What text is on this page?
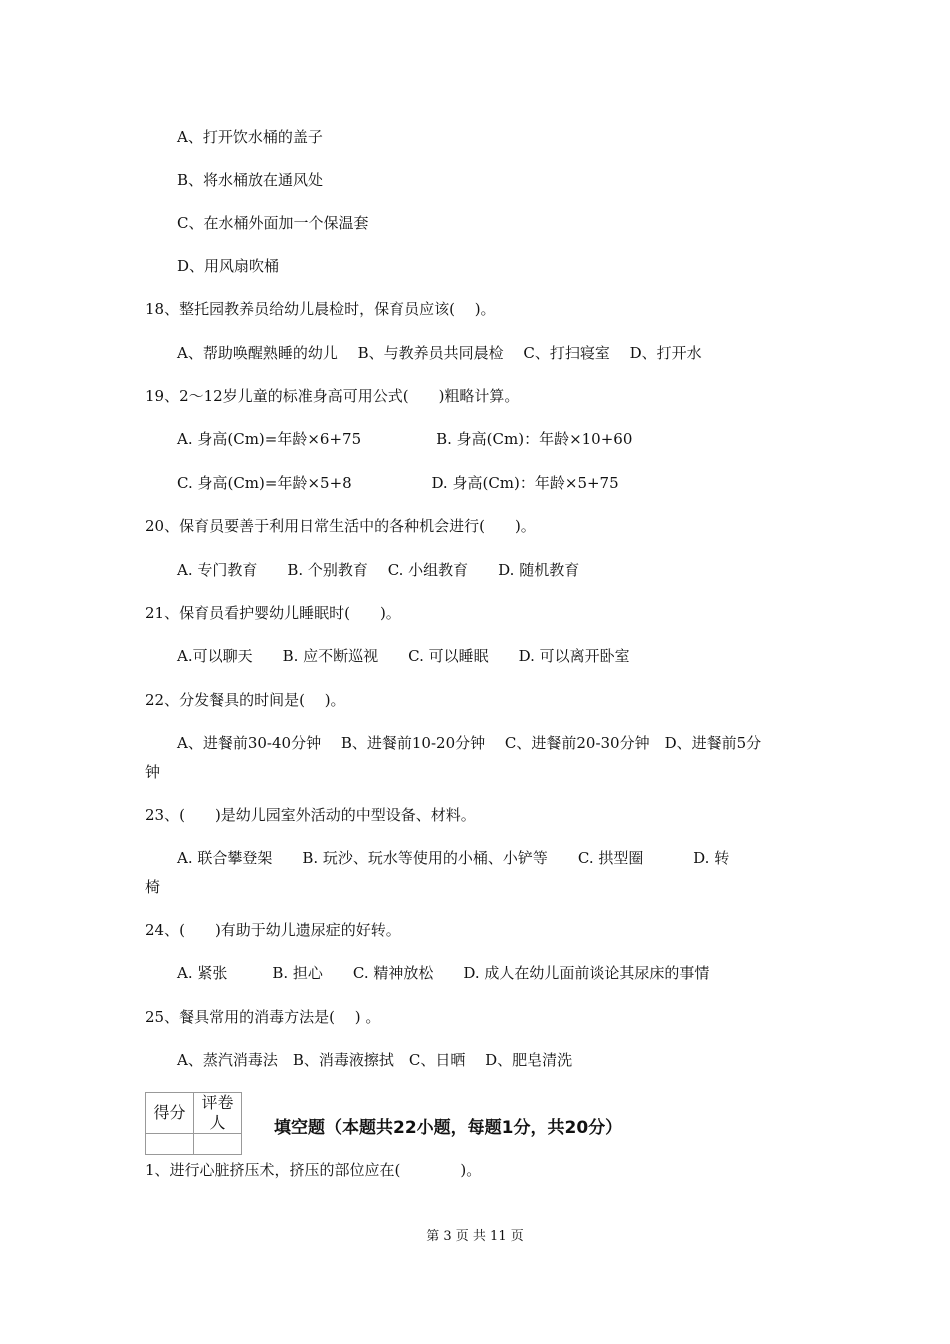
A、打开饮水桶的盖子
B、将水桶放在通风处
C、在水桶外面加一个保温套
D、用风扇吹桶
18、整托园教养员给幼儿晨检时，保育员应该(　 )。
A、帮助唤醒熟睡的幼儿　 B、与教养员共同晨检　 C、打扫寝室　 D、打开水
19、2～12岁儿童的标准身高可用公式(　　)粗略计算。
A. 身高(Cm)=年龄×6+75　　　　　B. 身高(Cm)：年龄×10+60
C. 身高(Cm)=年龄×5+8　　　　　 D. 身高(Cm)：年龄×5+75
20、保育员要善于利用日常生活中的各种机会进行(　　)。
A. 专门教育　　B. 个别教育　 C. 小组教育　　D. 随机教育
21、保育员看护婴幼儿睡眠时(　　)。
A.可以聊天　　B. 应不断巡视　　C. 可以睡眠　　D. 可以离开卧室
22、分发餐具的时间是(　 )。
A、进餐前30-40分钟　 B、进餐前10-20分钟　 C、进餐前20-30分钟　D、进餐前5分
钟
23、(　　)是幼儿园室外活动的中型设备、材料。
A. 联合攀登架　　B. 玩沙、玩水等使用的小桶、小铲等　　C. 拱型圈　　　 D. 转
椅
24、(　　)有助于幼儿遗尿症的好转。
A. 紧张　　　B. 担心　　C. 精神放松　　D. 成人在幼儿面前谈论其尿床的事情
25、餐具常用的消毒方法是(　 ) 。
A、蒸汽消毒法　B、消毒液擦拭　C、日晒　 D、肥皂清洗
得分	评卷人
		填空题（本题共22小题，每题1分，共20分）
1、进行心脏挤压术，挤压的部位应在(　　　　)。
第 3 页 共 11 页
